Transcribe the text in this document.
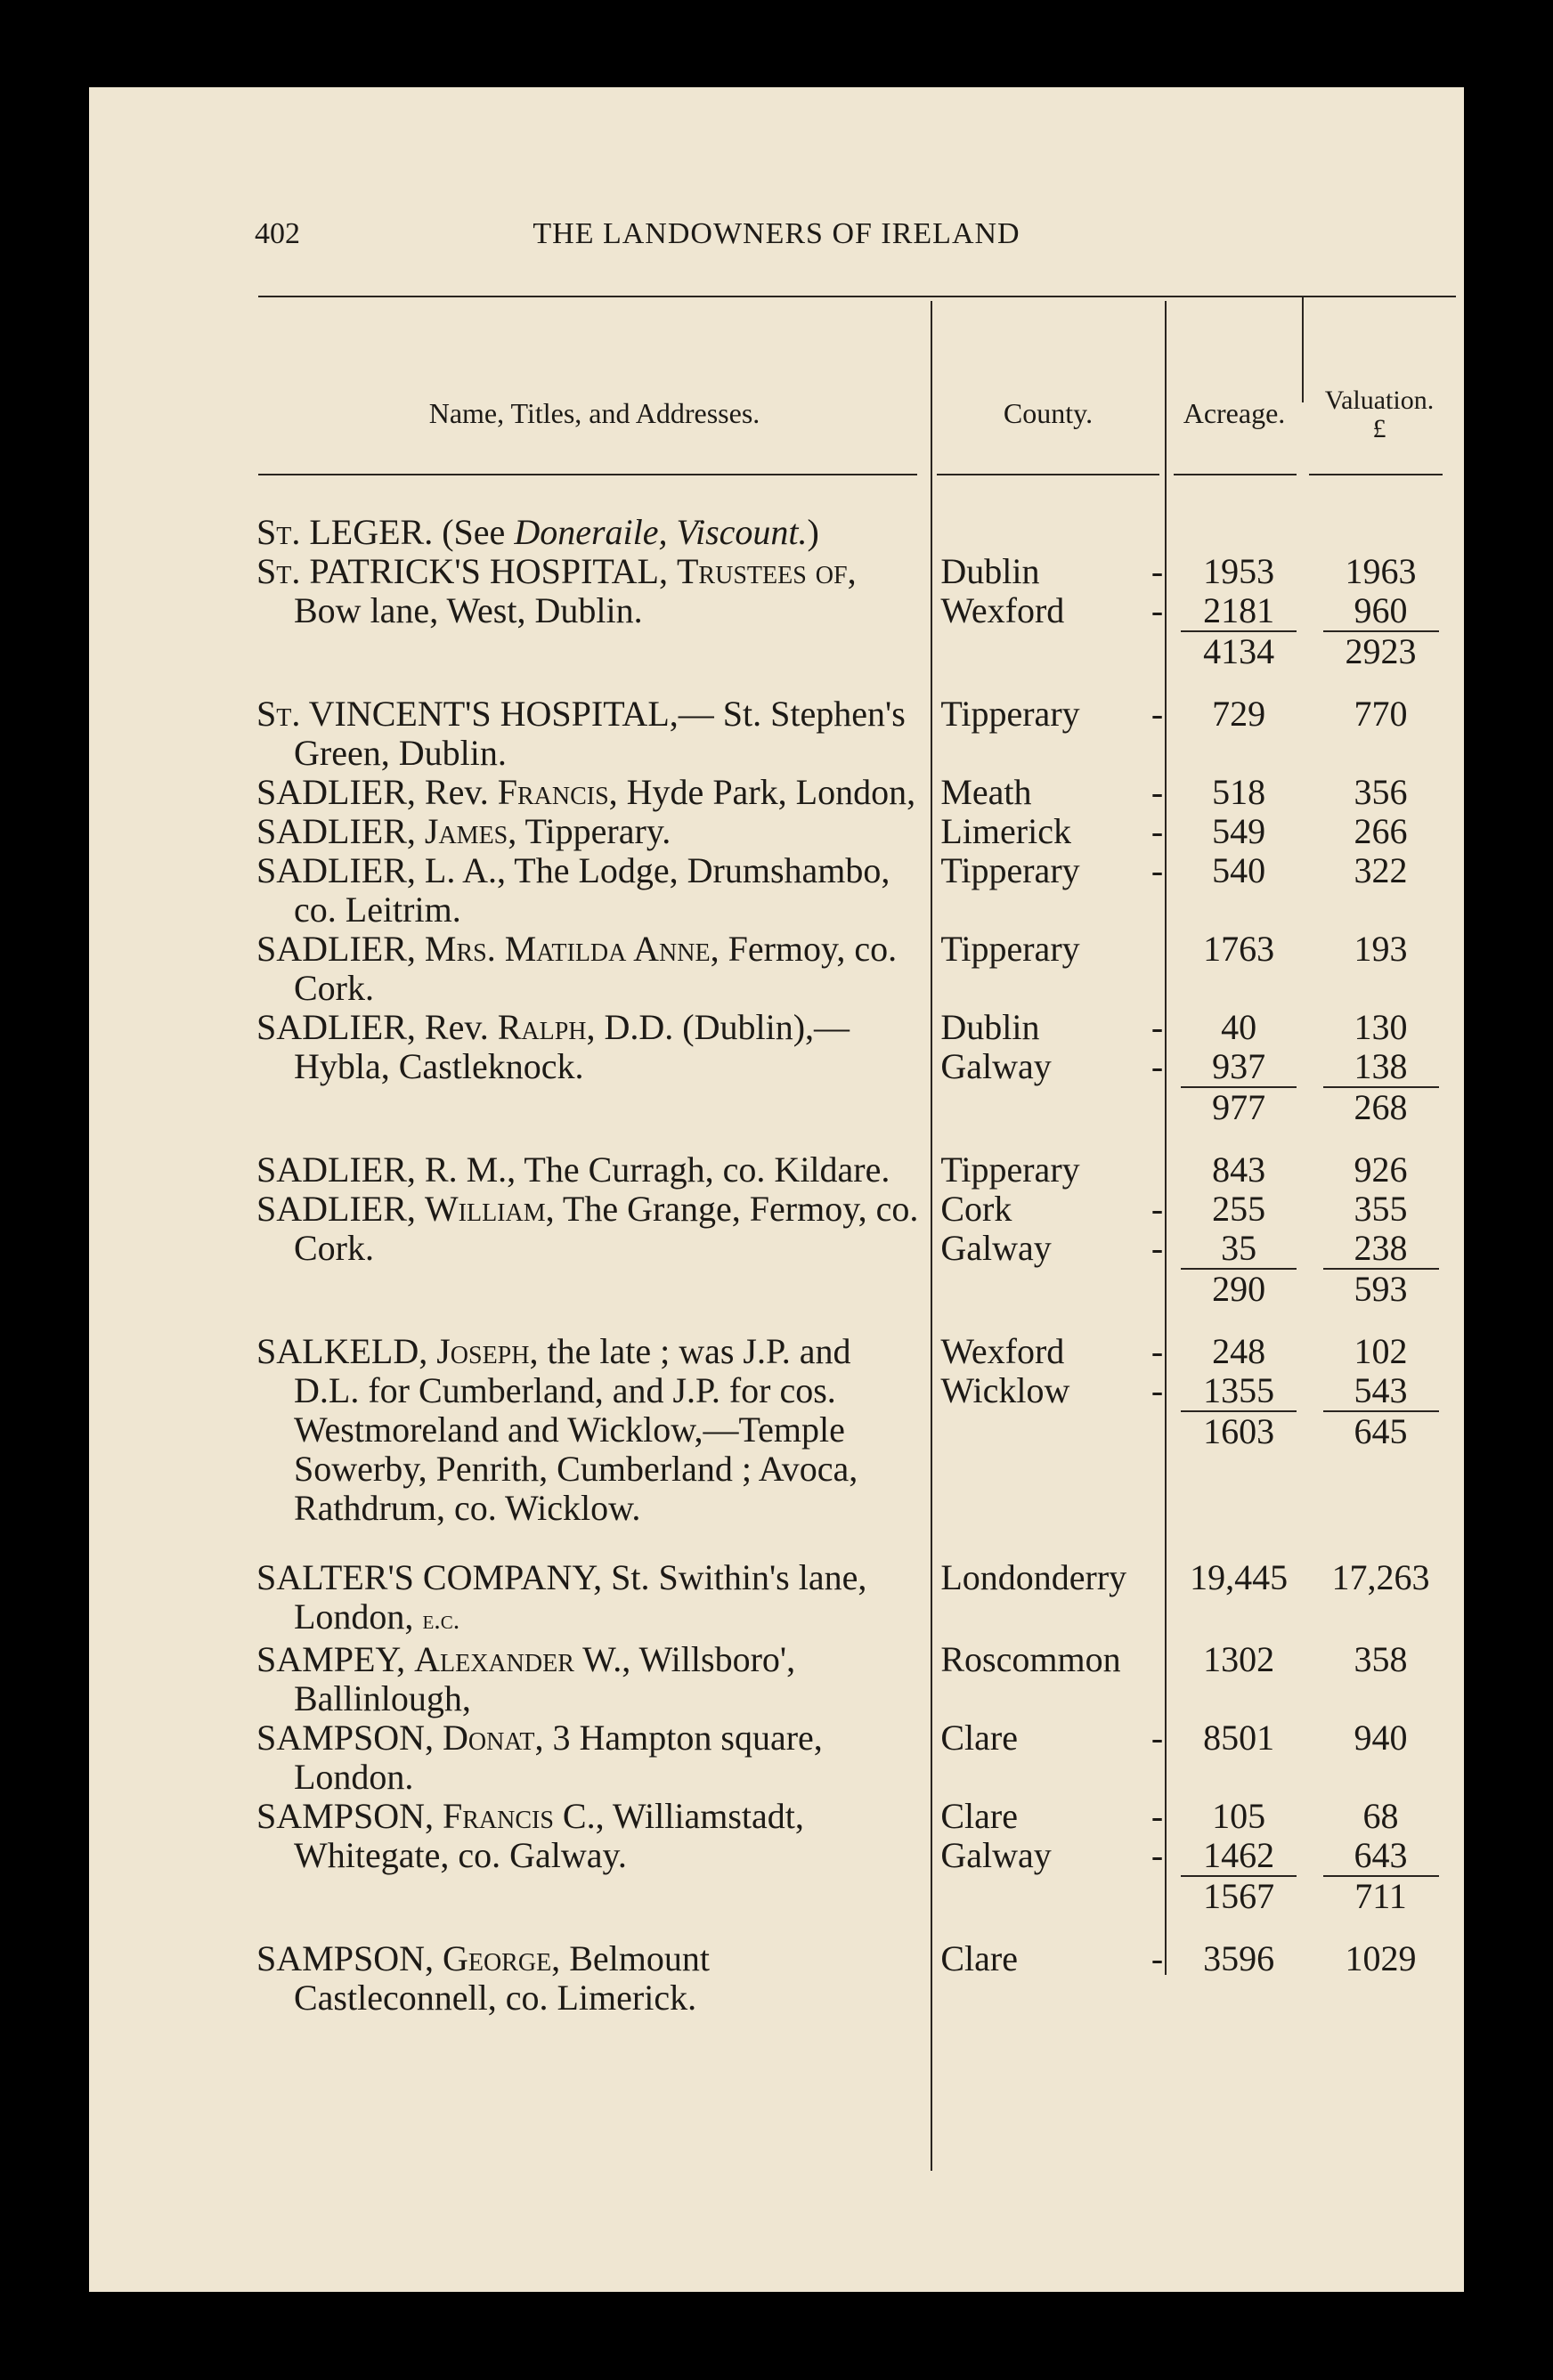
402	THE LANDOWNERS OF IRELAND
Name, Titles, and Addresses.	County.	Acreage.	Valuation.
£
St. LEGER. (See Doneraile, Viscount.)			

St. PATRICK'S HOSPITAL, Trustees of, Bow lane, West, Dublin.	Dublin -	1953	1963

	Wexford -	2181	960
		4134	2923

St. VINCENT'S HOSPITAL,— St. Stephen's Green, Dublin.	Tipperary -	729	770

SADLIER, Rev. Francis, Hyde Park, London,	Meath -	518	356

SADLIER, James, Tipperary.	Limerick -	549	266

SADLIER, L. A., The Lodge, Drumshambo, co. Leitrim.	Tipperary -	540	322

SADLIER, Mrs. Matilda Anne, Fermoy, co. Cork.	Tipperary	1763	193

SADLIER, Rev. Ralph, D.D. (Dublin),—Hybla, Castleknock.	Dublin -	40	130

	Galway -	937	138
		977	268

SADLIER, R. M., The Curragh, co. Kildare.	Tipperary	843	926

SADLIER, William, The Grange, Fermoy, co. Cork.	Cork -	255	355

	Galway -	35	238
		290	593

SALKELD, Joseph, the late ; was J.P. and D.L. for Cumberland, and J.P. for cos. Westmoreland and Wicklow,—Temple Sowerby, Penrith, Cumberland ; Avoca, Rathdrum, co. Wicklow.	Wexford -	248	102

	Wicklow -	1355	543
		1603	645

SALTER'S COMPANY, St. Swithin's lane, London, e.c.	Londonderry	19,445	17,263

SAMPEY, Alexander W., Willsboro', Ballinlough,	Roscommon	1302	358

SAMPSON, Donat, 3 Hampton square, London.	Clare -	8501	940

SAMPSON, Francis C., Williamstadt, Whitegate, co. Galway.	Clare -	105	68

	Galway -	1462	643
		1567	711

SAMPSON, George, Belmount Castleconnell, co. Limerick.	Clare -	3596	1029
